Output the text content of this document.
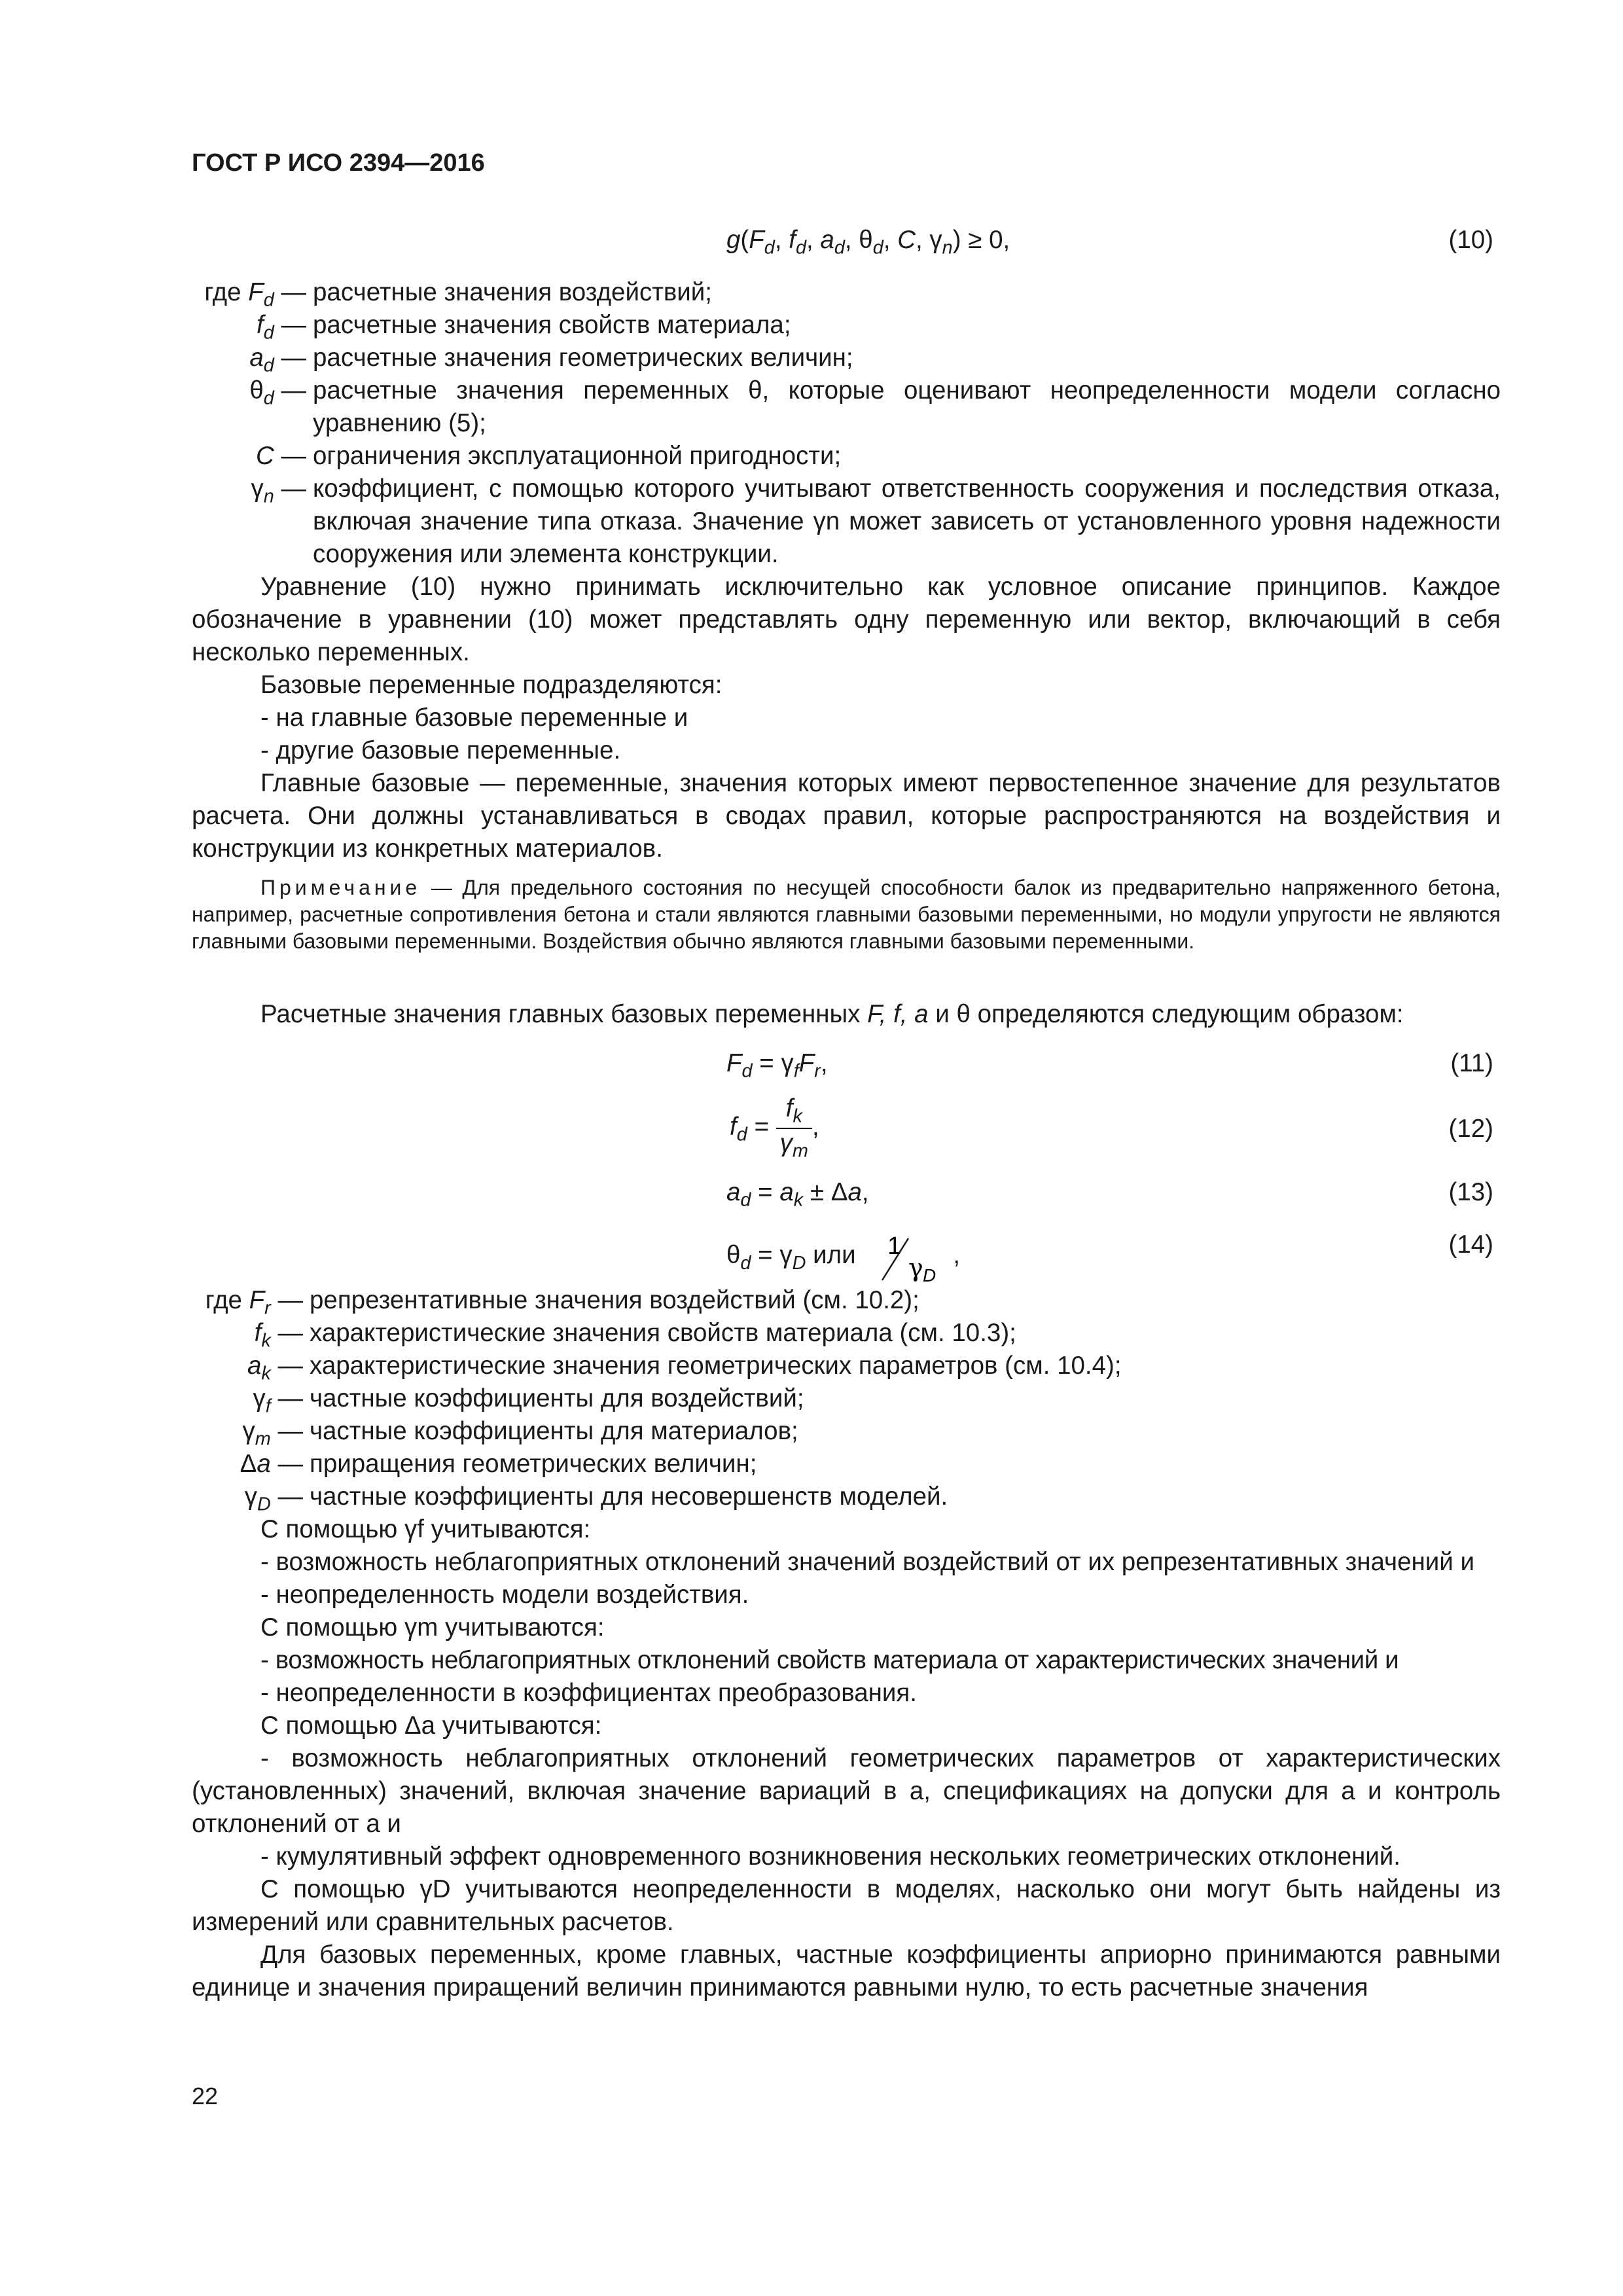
ГОСТ Р ИСО 2394—2016
$g(F_d$, $f_d$, $a_d$, $\theta_d$, C, $\gamma_n) \ge 0$,	(10)
где $F_d$ — расчетные значения воздействий;
$f_d$ — расчетные значения свойств материала;
$a_d$ — расчетные значения геометрических величин;
$\theta_d$ — расчетные значения переменных θ, которые оценивают неопределенности модели согласно уравнению (5);
C — ограничения эксплуатационной пригодности;
$\gamma_n$ — коэффициент, с помощью которого учитывают ответственность сооружения и последствия отказа, включая значение типа отказа. Значение γn может зависеть от установленного уровня надежности сооружения или элемента конструкции.

Уравнение (10) нужно принимать исключительно как условное описание принципов. Каждое обозначение в уравнении (10) может представлять одну переменную или вектор, включающий в себя несколько переменных.

Базовые переменные подразделяются:

- на главные базовые переменные и

- другие базовые переменные.

Главные базовые — переменные, значения которых имеют первостепенное значение для результатов расчета. Они должны устанавливаться в сводах правил, которые распространяются на воздействия и конструкции из конкретных материалов.

Примечание — Для предельного состояния по несущей способности балок из предварительно напряженного бетона, например, расчетные сопротивления бетона и стали являются главными базовыми переменными, но модули упругости не являются главными базовыми переменными. Воздействия обычно являются главными базовыми переменными.

Расчетные значения главных базовых переменных F, f, a и θ определяются следующим образом:

$F_d = \gamma_fF_r$,	(11)
$f_d = \frac{f_k}{\gamma_m}$ ,	(12)
$a_d = a_k \pm \Delta a$,	(13)
$\theta_d = \gamma_D$ или 1
γ D
,	(14)
где $F_r$ — репрезентативные значения воздействий (см. 10.2);
$f_k$ — характеристические значения свойств материала (см. 10.3);
$a_k$ — характеристические значения геометрических параметров (см. 10.4);
$\gamma_f$ — частные коэффициенты для воздействий;
$\gamma_m$ — частные коэффициенты для материалов;
Δa — приращения геометрических величин;
$\gamma_D$ — частные коэффициенты для несовершенств моделей.

С помощью γf учитываются:

- возможность неблагоприятных отклонений значений воздействий от их репрезентативных значений и

- неопределенность модели воздействия.

С помощью γm учитываются:

- возможность неблагоприятных отклонений свойств материала от характеристических значений и

- неопределенности в коэффициентах преобразования.

С помощью Δa учитываются:

- возможность неблагоприятных отклонений геометрических параметров от характеристических (установленных) значений, включая значение вариаций в a, спецификациях на допуски для a и контроль отклонений от a и

- кумулятивный эффект одновременного возникновения нескольких геометрических отклонений.

С помощью γD учитываются неопределенности в моделях, насколько они могут быть найдены из измерений или сравнительных расчетов.

Для базовых переменных, кроме главных, частные коэффициенты априорно принимаются равными единице и значения приращений величин принимаются равными нулю, то есть расчетные значения

22
